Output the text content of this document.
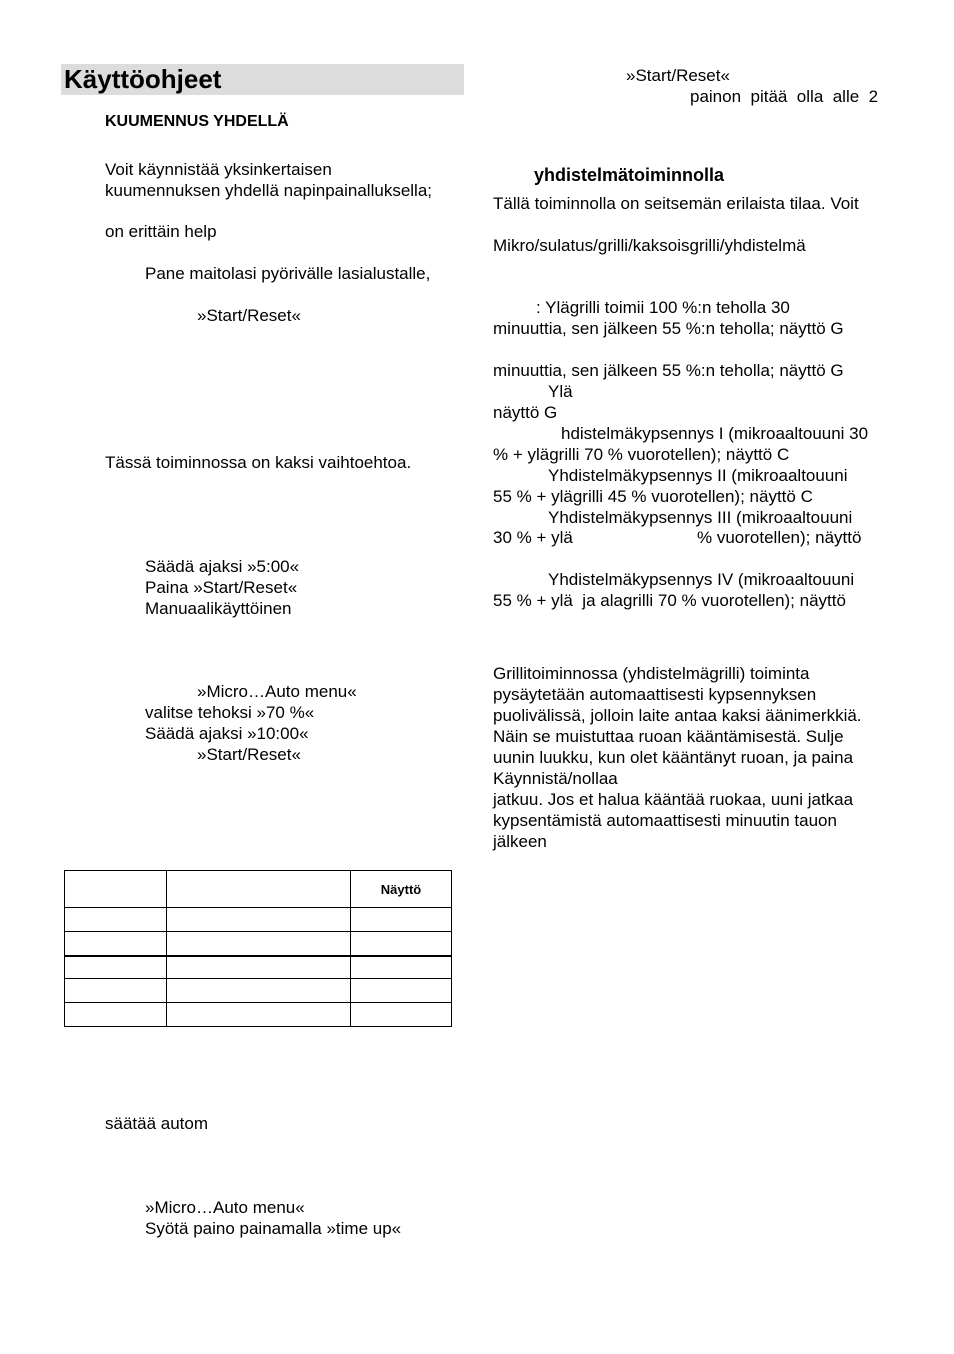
Käyttöohjeet
KUUMENNUS YHDELLÄ
Voit käynnistää yksinkertaisen
kuumennuksen yhdellä napinpainalluksella;
on erittäin help
Pane maitolasi pyörivälle lasialustalle,
»Start/Reset«
Tässä toiminnossa on kaksi vaihtoehtoa.
Säädä ajaksi »5:00«
Paina »Start/Reset«
Manuaalikäyttöinen
»Micro…Auto menu«
valitse tehoksi »70 %«
Säädä ajaksi »10:00«
»Start/Reset«
		Näyttö

säätää autom
»Micro…Auto menu«
Syötä paino painamalla »time up«
»Start/Reset«
painon  pitää  olla  alle  2
yhdistelmätoiminnolla
Tällä toiminnolla on seitsemän erilaista tilaa. Voit
Mikro/sulatus/grilli/kaksoisgrilli/yhdistelmä
: Ylägrilli toimii 100 %:n teholla 30
minuuttia, sen jälkeen 55 %:n teholla; näyttö G
minuuttia, sen jälkeen 55 %:n teholla; näyttö G
Ylä
näyttö G
hdistelmäkypsennys I (mikroaaltouuni 30
% + ylägrilli 70 % vuorotellen); näyttö C
Yhdistelmäkypsennys II (mikroaaltouuni
55 % + ylägrilli 45 % vuorotellen); näyttö C
Yhdistelmäkypsennys III (mikroaaltouuni
30 % + ylä	% vuorotellen); näyttö
Yhdistelmäkypsennys IV (mikroaaltouuni
55 % + ylä  ja alagrilli 70 % vuorotellen); näyttö
Grillitoiminnossa (yhdistelmägrilli) toiminta
pysäytetään automaattisesti kypsennyksen
puolivälissä, jolloin laite antaa kaksi äänimerkkiä.
Näin se muistuttaa ruoan kääntämisestä. Sulje
uunin luukku, kun olet kääntänyt ruoan, ja paina
Käynnistä/nollaa
jatkuu. Jos et halua kääntää ruokaa, uuni jatkaa
kypsentämistä automaattisesti minuutin tauon
jälkeen
